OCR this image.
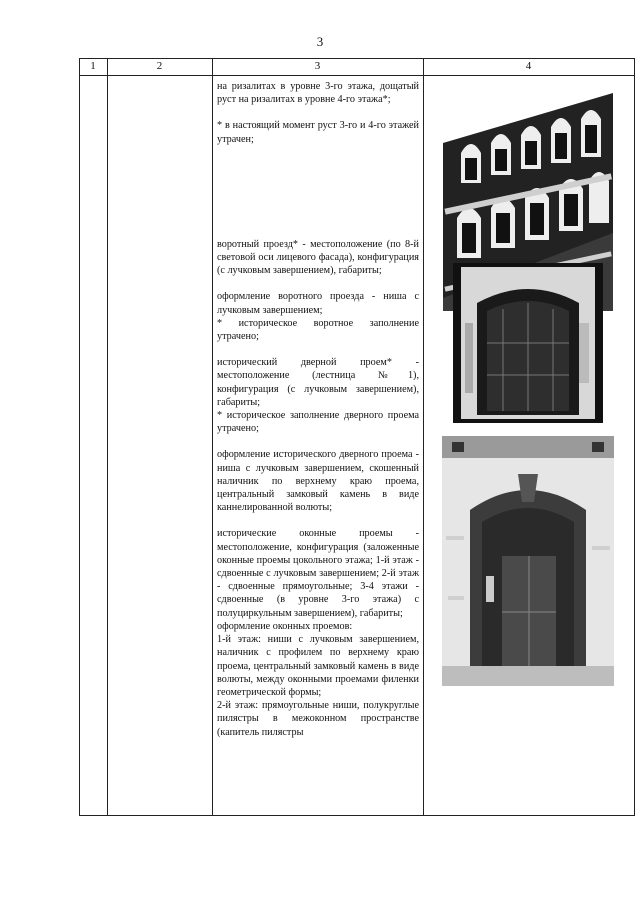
3
1	2	3	4

на ризалитах в уровне 3-го этажа, дощатый руст на ризалитах в уровне 4-го этажа*;

* в настоящий момент руст 3-го и 4-го этажей утрачен;

воротный проезд* - местоположение (по 8-й световой оси лицевого фасада), конфигурация (с лучковым завершением), габариты;

оформление воротного проезда - ниша с лучковым завершением;

* историческое воротное заполнение утрачено;

исторический дверной проем* - местоположение (лестница №1), конфигурация (с лучковым завершением), габариты;

* историческое заполнение дверного проема утрачено;

оформление исторического дверного проема - ниша с лучковым завершением, скошенный наличник по верхнему краю проема, центральный замковый камень в виде каннелированной волюты;

исторические оконные проемы - местоположение, конфигурация (заложенные оконные проемы цокольного этажа; 1-й этаж - сдвоенные с лучковым завершением; 2-й этаж - сдвоенные прямоугольные; 3-4 этажи - сдвоенные (в уровне 3-го этажа) с полуциркульным завершением), габариты;

оформление оконных проемов:

1-й этаж: ниши с лучковым завершением, наличник с профилем по верхнему краю проема, центральный замковый камень в виде волюты, между оконными проемами филенки геометрической формы;

2-й этаж: прямоугольные ниши, полукруглые пилястры в межоконном пространстве (капитель пилястры
